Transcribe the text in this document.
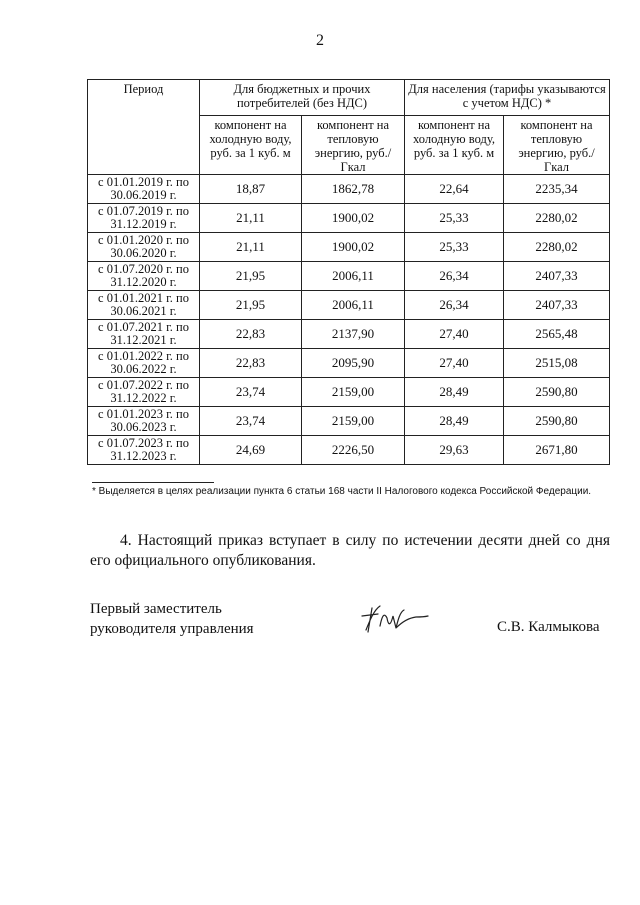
2
Период	Для бюджетных и прочих потребителей (без НДС)		Для населения (тарифы указываются с учетом НДС) *	
	компонент на холодную воду, руб. за 1 куб. м	компонент на тепловую энергию, руб./Гкал	компонент на холодную воду, руб. за 1 куб. м	компонент на тепловую энергию, руб./Гкал
с 01.01.2019 г. по 30.06.2019 г.	18,87	1862,78	22,64	2235,34
с 01.07.2019 г. по 31.12.2019 г.	21,11	1900,02	25,33	2280,02
с 01.01.2020 г. по 30.06.2020 г.	21,11	1900,02	25,33	2280,02
с 01.07.2020 г. по 31.12.2020 г.	21,95	2006,11	26,34	2407,33
с 01.01.2021 г. по 30.06.2021 г.	21,95	2006,11	26,34	2407,33
с 01.07.2021 г. по 31.12.2021 г.	22,83	2137,90	27,40	2565,48
с 01.01.2022 г. по 30.06.2022 г.	22,83	2095,90	27,40	2515,08
с 01.07.2022 г. по 31.12.2022 г.	23,74	2159,00	28,49	2590,80
с 01.01.2023 г. по 30.06.2023 г.	23,74	2159,00	28,49	2590,80
с 01.07.2023 г. по 31.12.2023 г.	24,69	2226,50	29,63	2671,80
* Выделяется в целях реализации пункта 6 статьи 168 части II Налогового кодекса Российской Федерации.
4. Настоящий приказ вступает в силу по истечении десяти дней со дня его официального опубликования.
Первый заместитель
руководителя управления	С.В. Калмыкова
